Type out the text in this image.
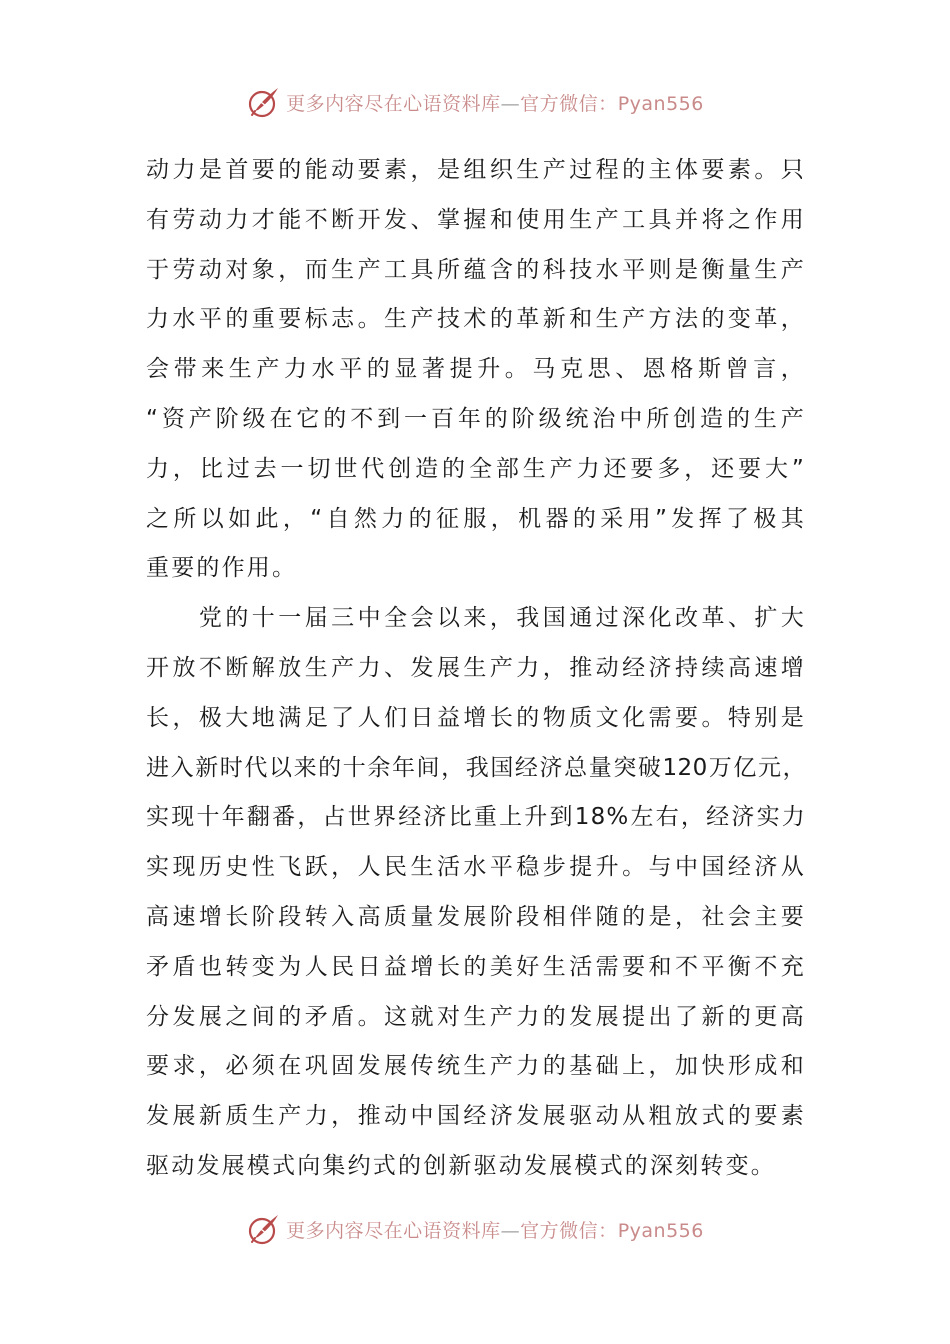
更多内容尽在心语资料库—官方微信：Pyan556

动力是首要的能动要素，是组织生产过程的主体要素。只
有劳动力才能不断开发、掌握和使用生产工具并将之作用
于劳动对象，而生产工具所蕴含的科技水平则是衡量生产
力水平的重要标志。生产技术的革新和生产方法的变革，
会带来生产力水平的显著提升。马克思、恩格斯曾言，
“资产阶级在它的不到一百年的阶级统治中所创造的生产
力，比过去一切世代创造的全部生产力还要多，还要大”
之所以如此，“自然力的征服，机器的采用”发挥了极其
重要的作用。

　　党的十一届三中全会以来，我国通过深化改革、扩大
开放不断解放生产力、发展生产力，推动经济持续高速增
长，极大地满足了人们日益增长的物质文化需要。特别是
进入新时代以来的十余年间，我国经济总量突破120万亿元，
实现十年翻番，占世界经济比重上升到18%左右，经济实力
实现历史性飞跃，人民生活水平稳步提升。与中国经济从
高速增长阶段转入高质量发展阶段相伴随的是，社会主要
矛盾也转变为人民日益增长的美好生活需要和不平衡不充
分发展之间的矛盾。这就对生产力的发展提出了新的更高
要求，必须在巩固发展传统生产力的基础上，加快形成和
发展新质生产力，推动中国经济发展驱动从粗放式的要素
驱动发展模式向集约式的创新驱动发展模式的深刻转变。

更多内容尽在心语资料库—官方微信：Pyan556
